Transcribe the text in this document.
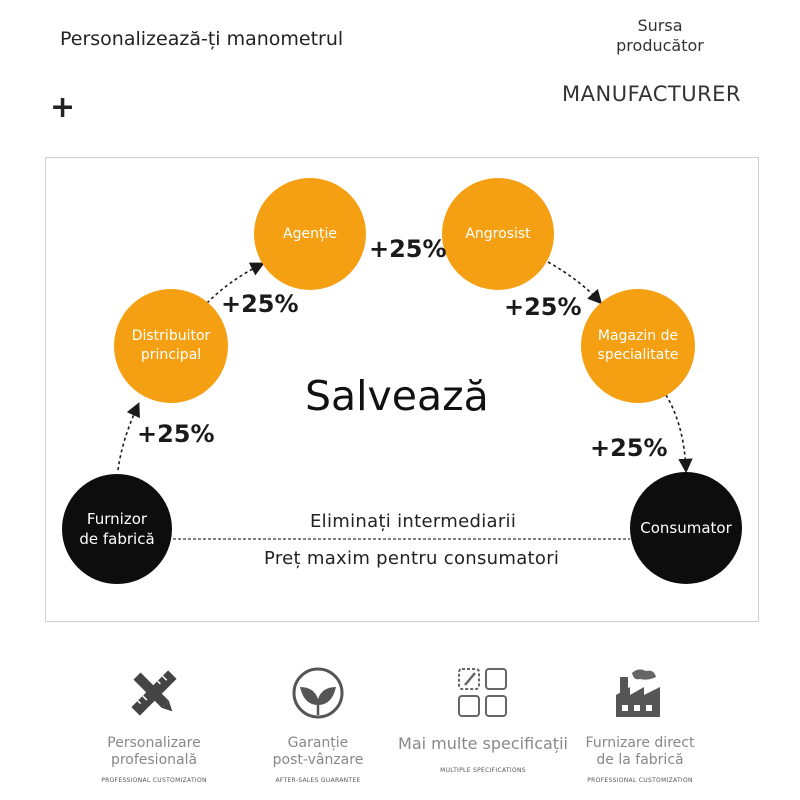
Personalizează-ți manometrul
+
Sursa
producător
MANUFACTURER
Furnizor
de fabrică
Distribuitor
principal
Agenție	Angrosist
Magazin de
specialitate
Consumator
+25%
+25%
+25%
+25%
+25%
Salvează
Eliminați intermediarii
Preț maxim pentru consumatori
Personalizare
profesională
PROFESSIONAL CUSTOMIZATION
Garanție
post-vânzare
AFTER-SALES GUARANTEE
Mai multe specificații
MULTIPLE SPECIFICATIONS
Furnizare direct
de la fabrică
PROFESSIONAL CUSTOMIZATION
